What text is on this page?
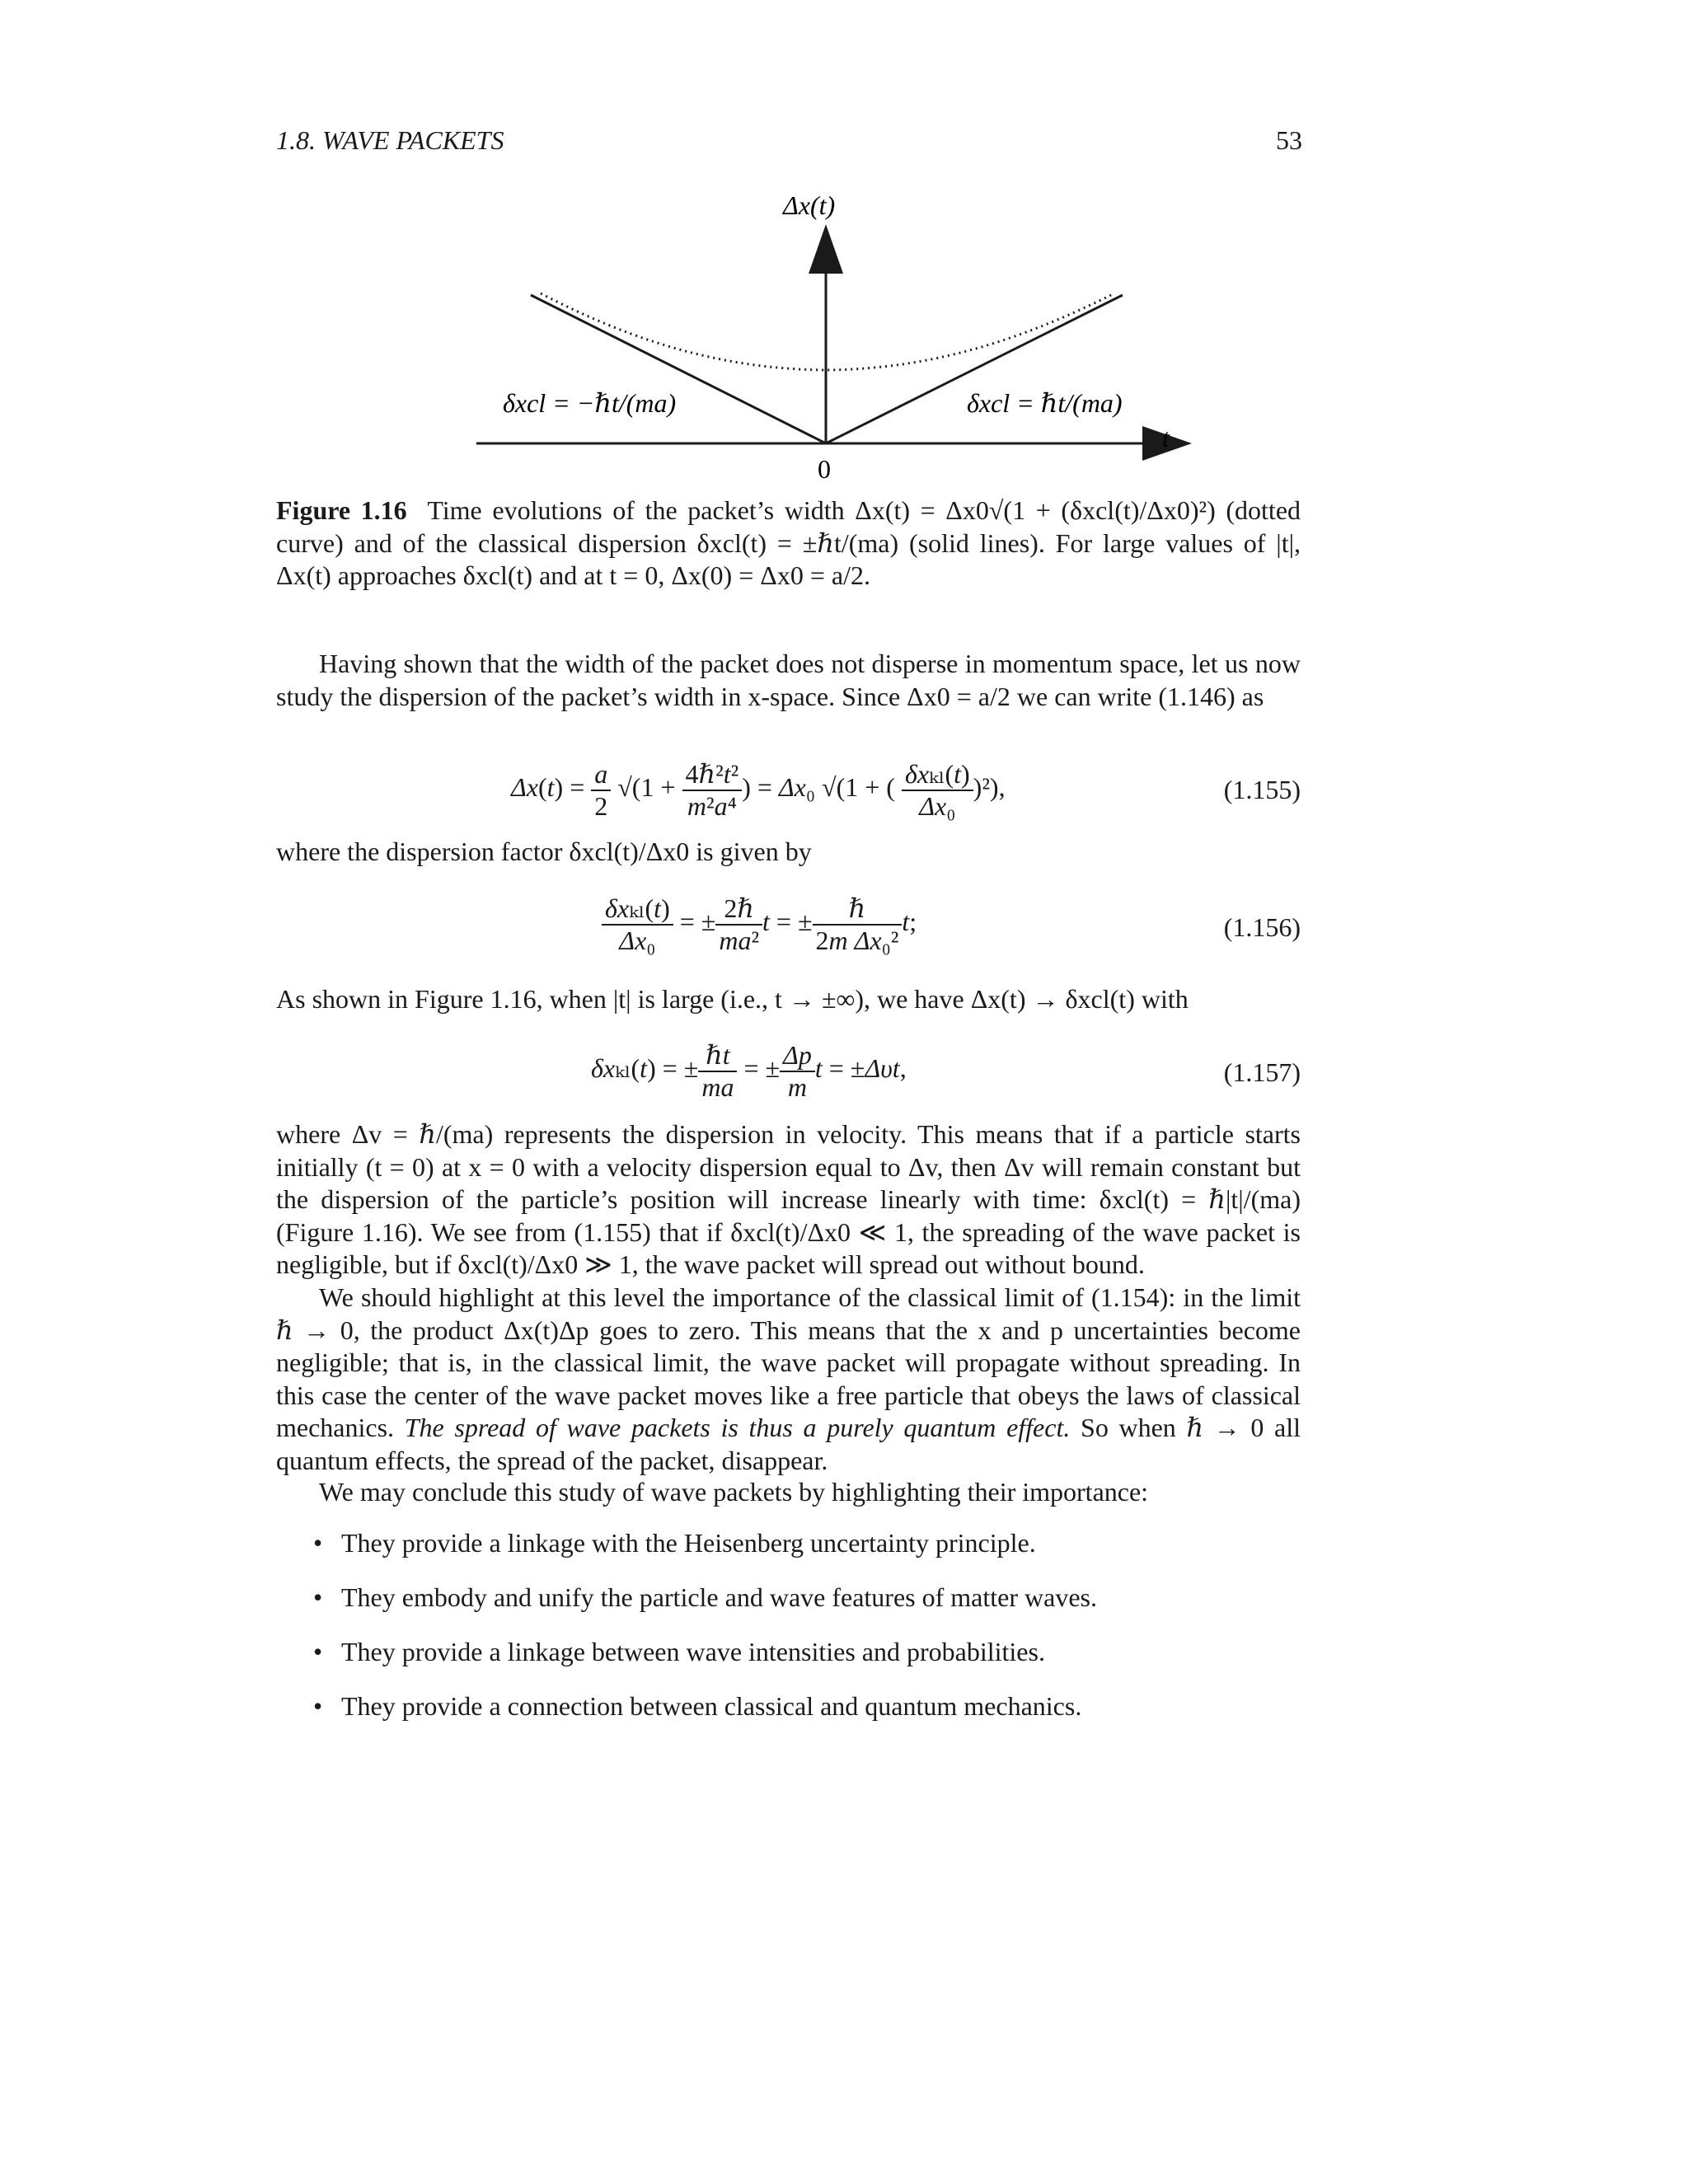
1.8. WAVE PACKETS	53
Δx(t)
t
0
δxcl = −ℏt/(ma)	δxcl = ℏt/(ma)
Figure 1.16 Time evolutions of the packet’s width Δx(t) = Δx0√(1 + (δxcl(t)/Δx0)²) (dotted curve) and of the classical dispersion δxcl(t) = ±ℏt/(ma) (solid lines). For large values of |t|, Δx(t) approaches δxcl(t) and at t = 0, Δx(0) = Δx0 = a/2.
Having shown that the width of the packet does not disperse in momentum space, let us now study the dispersion of the packet’s width in x-space. Since Δx0 = a/2 we can write (1.146) as
$\Delta x(t) = \frac{a}{2} √(1 + \frac{\text{4ℏ²t²}}{\text{m²a⁴}}$ ) = Δx₀ √(1 + ( $\frac{\text{δxₖₗ(t)}}{\text{Δx₀}} )^2$),	(1.155)
where the dispersion factor δxcl(t)/Δx0 is given by
$\frac{\text{δxₖₗ(t)}}{\text{Δx₀}}$ = ± $\frac{\text{2ℏ}}{\text{ma²}}$ t = ± $\frac{\text{ℏ}}{\text{2m Δx₀²}} t$;	(1.156)
As shown in Figure 1.16, when |t| is large (i.e., t → ±∞), we have Δx(t) → δxcl(t) with
δxₖₗ(t) = ± $\frac{\text{ℏt}}{ma}$ = ± $\frac{\Delta p}{m}$ t = ±Δυt,	(1.157)
where Δv = ℏ/(ma) represents the dispersion in velocity. This means that if a particle starts initially (t = 0) at x = 0 with a velocity dispersion equal to Δv, then Δv will remain constant but the dispersion of the particle’s position will increase linearly with time: δxcl(t) = ℏ|t|/(ma) (Figure 1.16). We see from (1.155) that if δxcl(t)/Δx0 ≪ 1, the spreading of the wave packet is negligible, but if δxcl(t)/Δx0 ≫ 1, the wave packet will spread out without bound.
We should highlight at this level the importance of the classical limit of (1.154): in the limit ℏ → 0, the product Δx(t)Δp goes to zero. This means that the x and p uncertainties become negligible; that is, in the classical limit, the wave packet will propagate without spreading. In this case the center of the wave packet moves like a free particle that obeys the laws of classical mechanics. The spread of wave packets is thus a purely quantum effect. So when ℏ → 0 all quantum effects, the spread of the packet, disappear.
We may conclude this study of wave packets by highlighting their importance:
• They provide a linkage with the Heisenberg uncertainty principle.
• They embody and unify the particle and wave features of matter waves.
• They provide a linkage between wave intensities and probabilities.
• They provide a connection between classical and quantum mechanics.
